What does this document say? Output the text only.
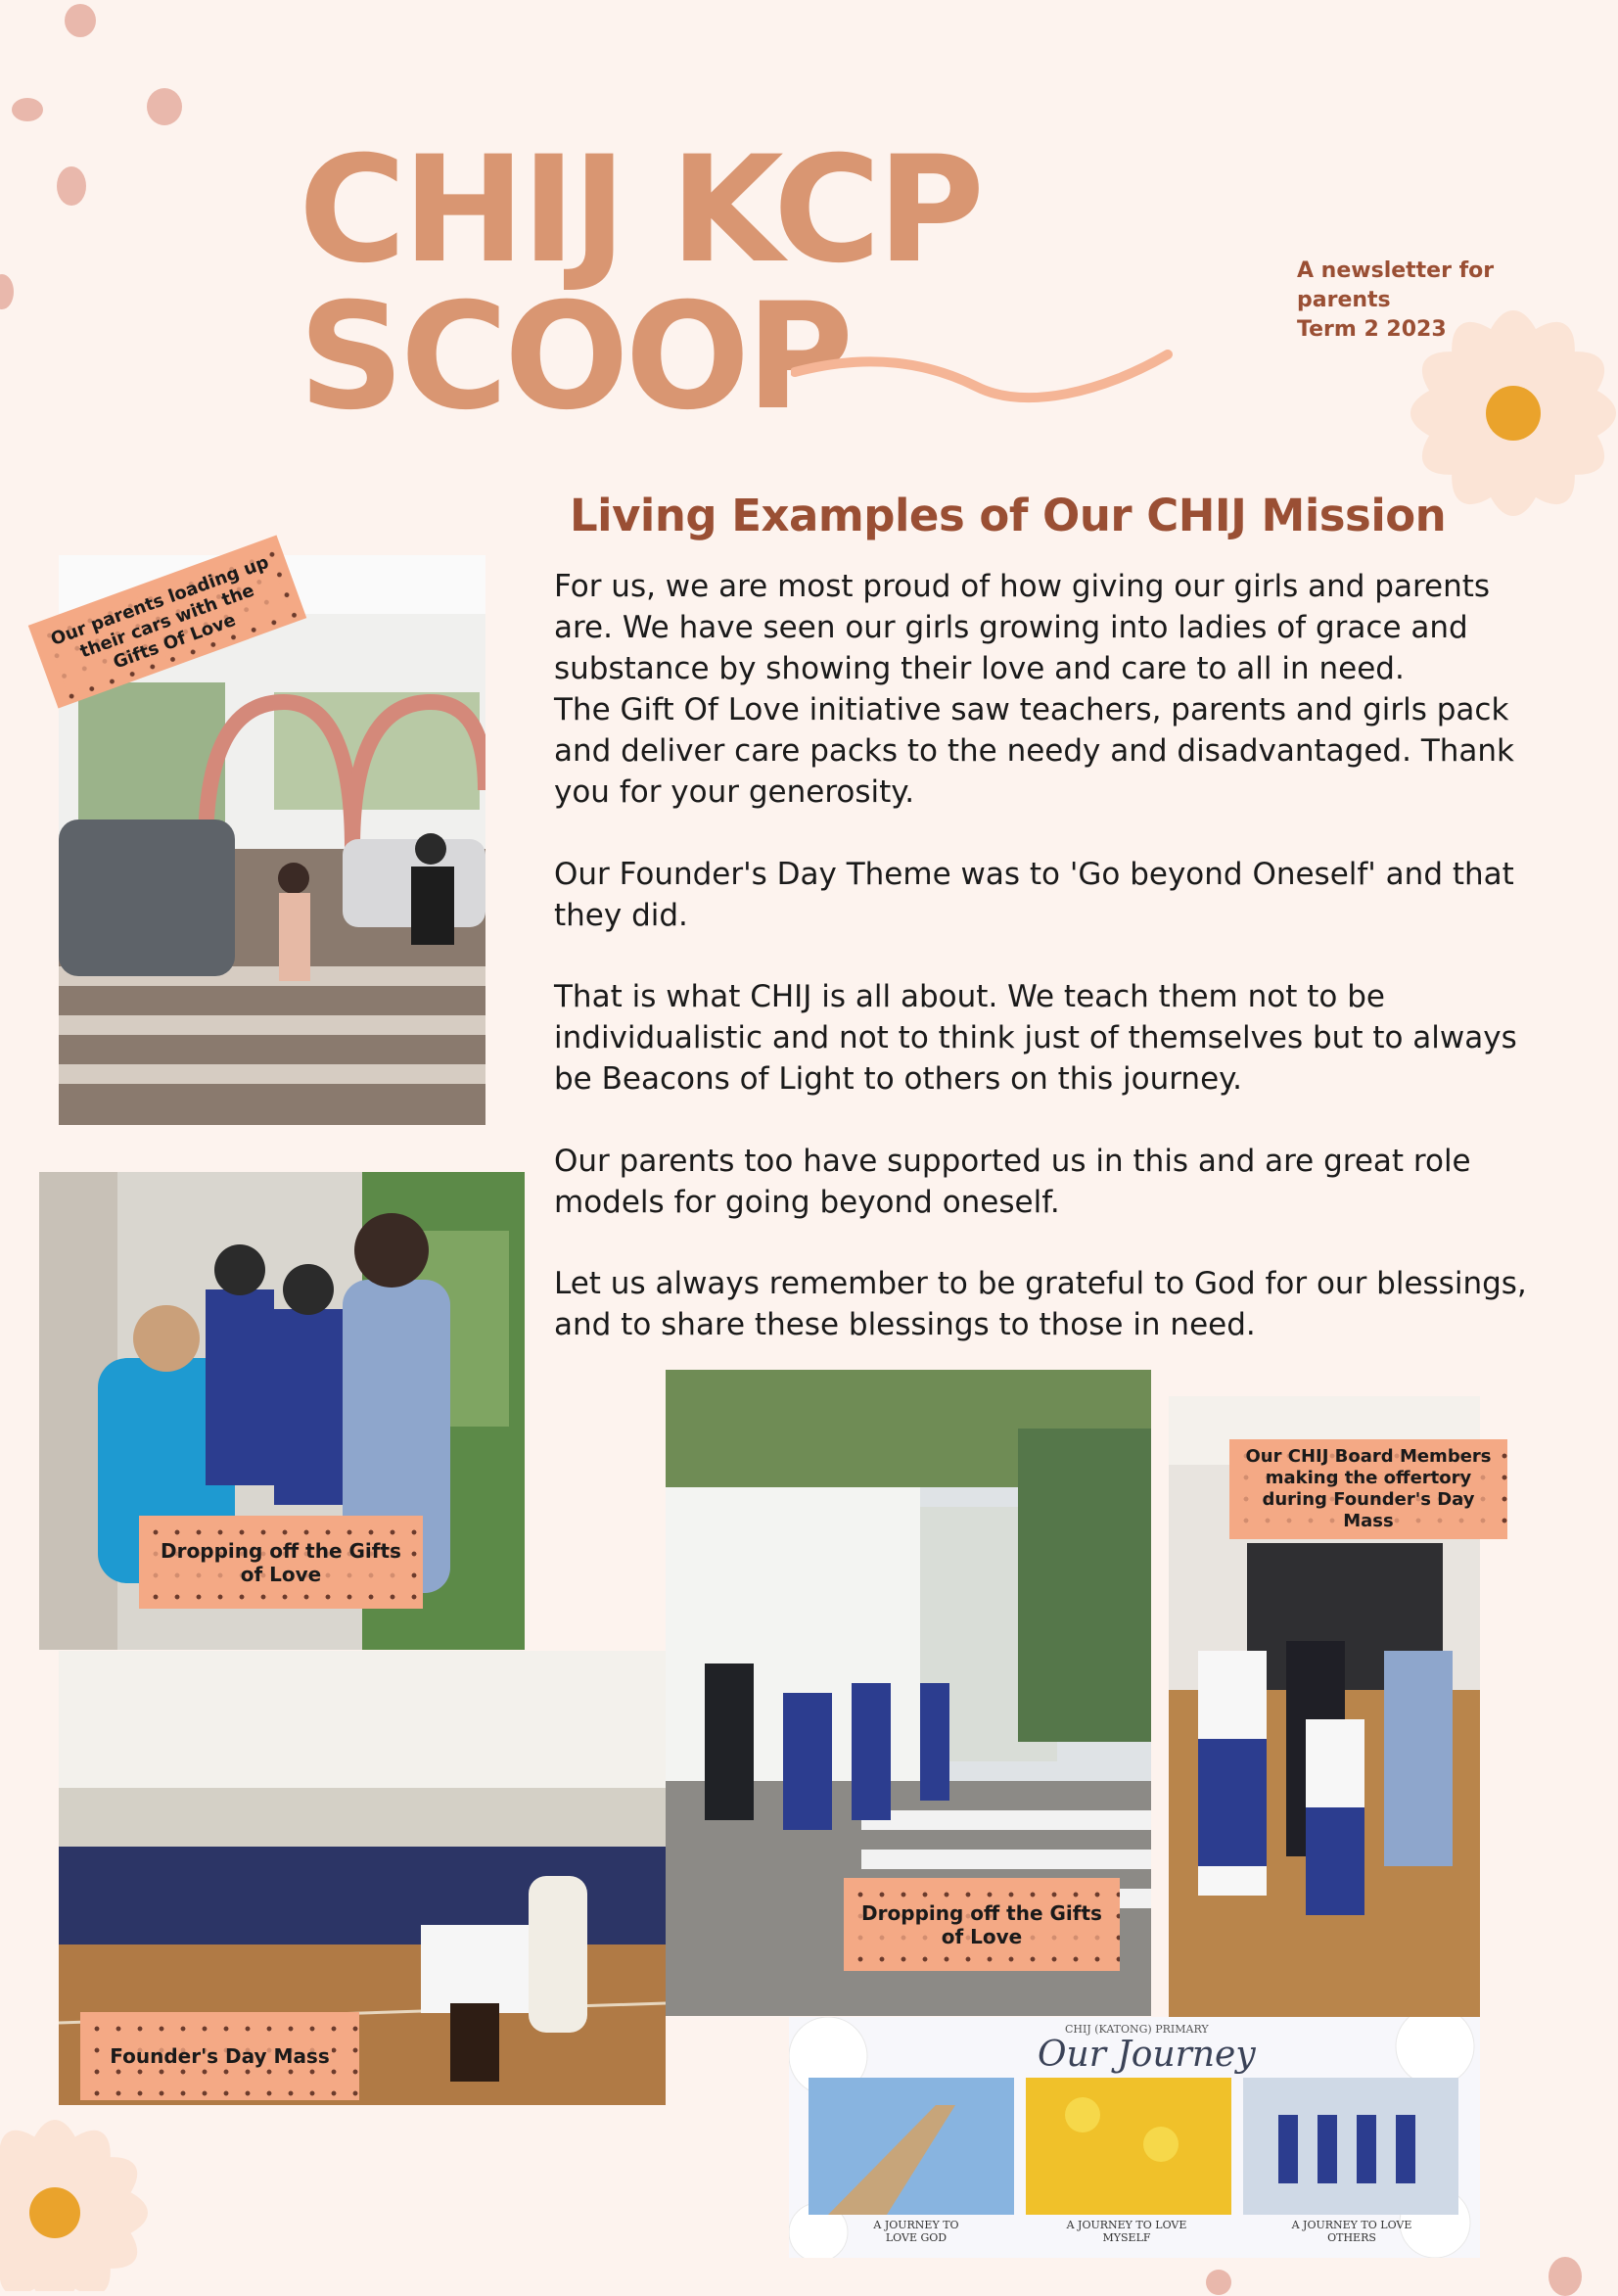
CHIJ KCP SCOOP
A newsletter for
parents
Term 2 2023
Living Examples of Our CHIJ Mission

For us, we are most proud of how giving our girls and parents are. We have seen our girls growing into ladies of grace and substance by showing their love and care to all in need.

The Gift Of Love initiative saw teachers, parents and girls pack and deliver care packs to the needy and disadvantaged. Thank you for your generosity.

Our Founder's Day Theme was to 'Go beyond Oneself' and that they did.

That is what CHIJ is all about. We teach them not to be individualistic and not to think just of themselves but to always be Beacons of Light to others on this journey.

Our parents too have supported us in this and are great role models for going beyond oneself.

Let us always remember to be grateful to God for our blessings, and to share these blessings to those in need.

Our parents loading up their cars with the Gifts Of Love
Dropping off the Gifts of Love
Founder's Day Mass
Dropping off the Gifts of Love
Our CHIJ Board Members making the offertory during Founder's Day Mass
CHIJ (KATONG) PRIMARY
Our Journey
A JOURNEY TO LOVE GOD
A JOURNEY TO LOVE MYSELF
A JOURNEY TO LOVE OTHERS
